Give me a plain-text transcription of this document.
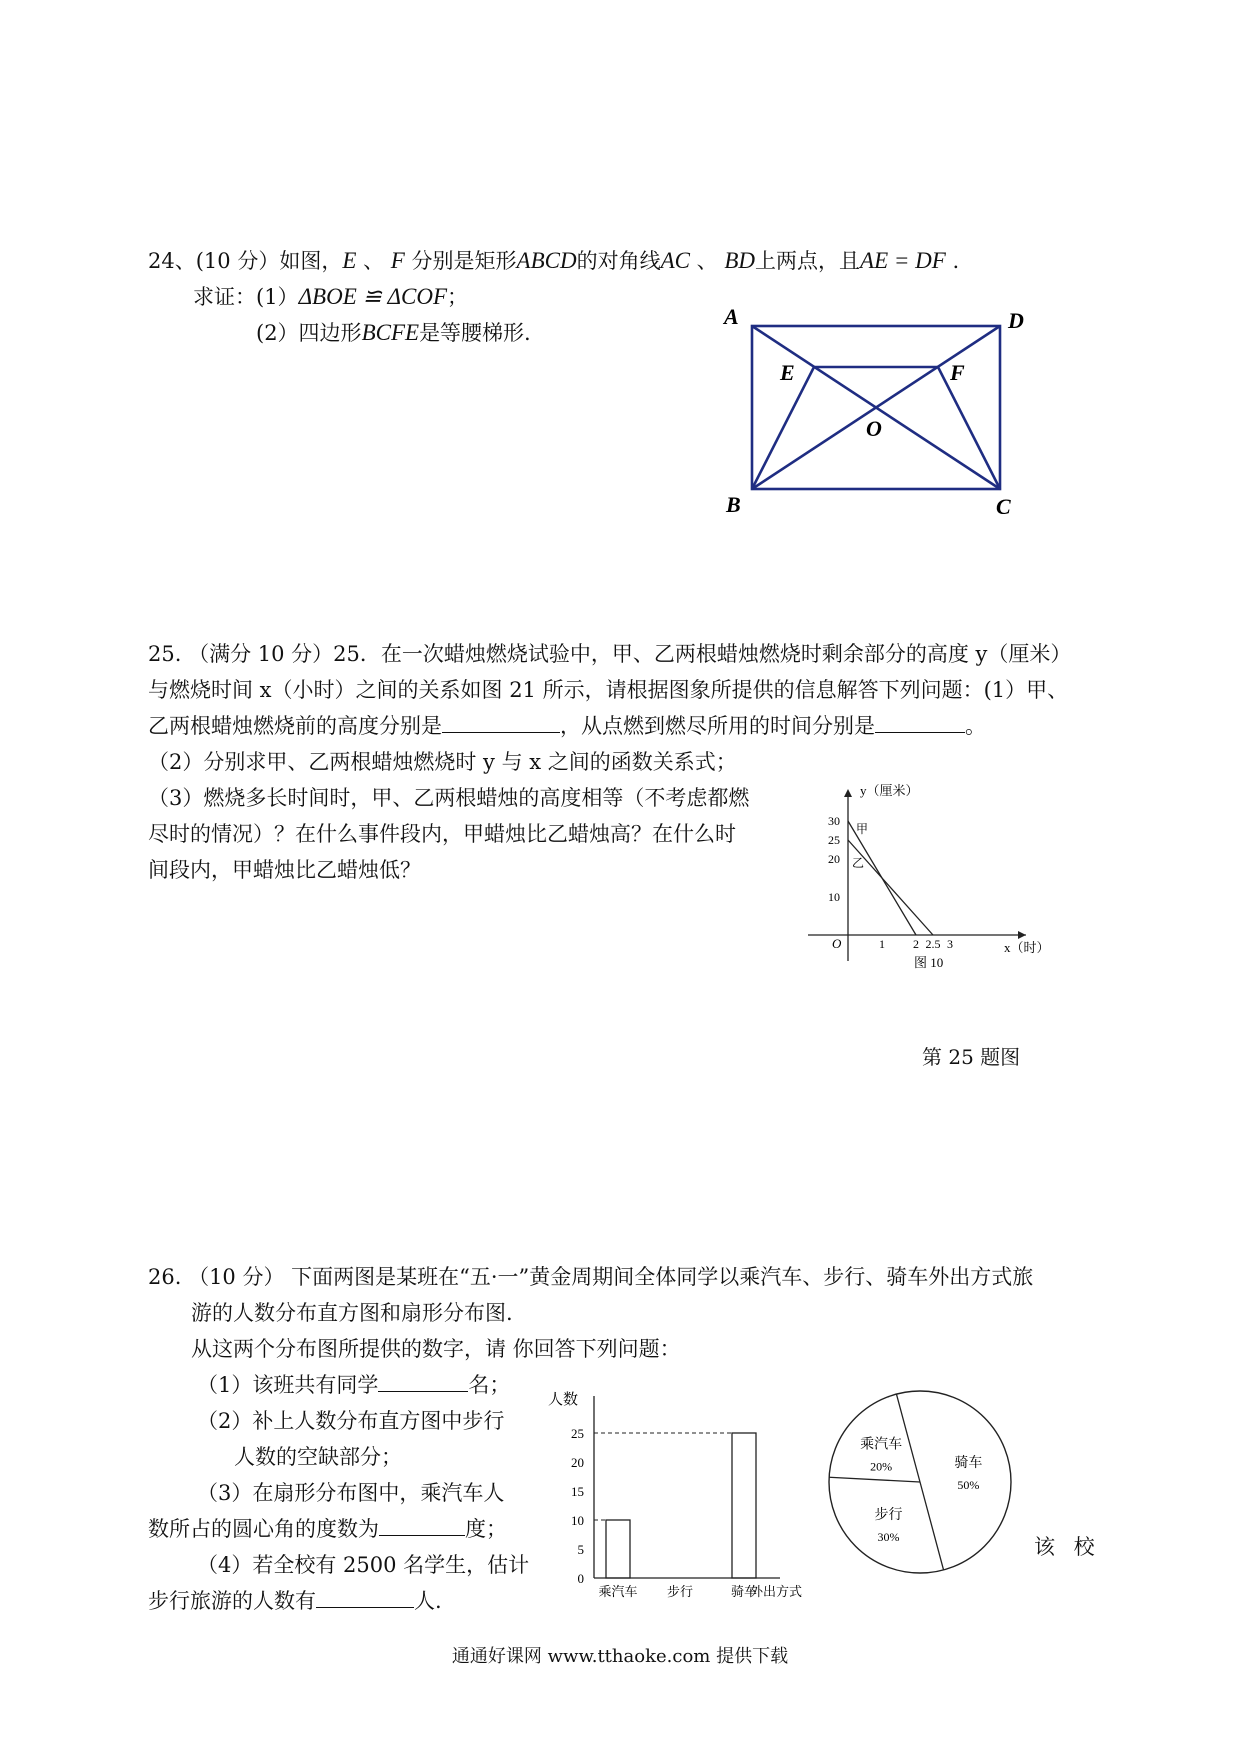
24、(10 分）如图，E 、 F 分别是矩形ABCD的对角线AC 、 BD上两点，且AE = DF .
求证：(1）ΔBOE ≌ ΔCOF；
(2）四边形BCFE是等腰梯形.
A	D
E	F
O
B	C
25. （满分 10 分）25．在一次蜡烛燃烧试验中，甲、乙两根蜡烛燃烧时剩余部分的高度 y（厘米）
与燃烧时间 x（小时）之间的关系如图 21 所示，请根据图象所提供的信息解答下列问题：(1）甲、
乙两根蜡烛燃烧前的高度分别是	，从点燃到燃尽所用的时间分别是	。
（2）分别求甲、乙两根蜡烛燃烧时 y 与 x 之间的函数关系式；
（3）燃烧多长时间时，甲、乙两根蜡烛的高度相等（不考虑都燃
尽时的情况）？在什么事件段内，甲蜡烛比乙蜡烛高？在什么时
间段内，甲蜡烛比乙蜡烛低？
y（厘米）
x（时）
O
10
20
25
30
1 2 2.5 3
甲
乙
图 10
第 25 题图
26. （10 分） 下面两图是某班在“五·一”黄金周期间全体同学以乘汽车、步行、骑车外出方式旅
游的人数分布直方图和扇形分布图.
从这两个分布图所提供的数字，请 你回答下列问题：
（1）该班共有同学	名；
（2）补上人数分布直方图中步行
人数的空缺部分；
（3）在扇形分布图中，乘汽车人
数所占的圆心角的度数为	度；
（4）若全校有 2500 名学生，估计
步行旅游的人数有	人.
该 校
人数
0
5
10
15
20
25
乘汽车 步行	骑车
外出方式
骑车
50%
步行
30%
乘汽车
20%
通通好课网 www.tthaoke.com 提供下载
